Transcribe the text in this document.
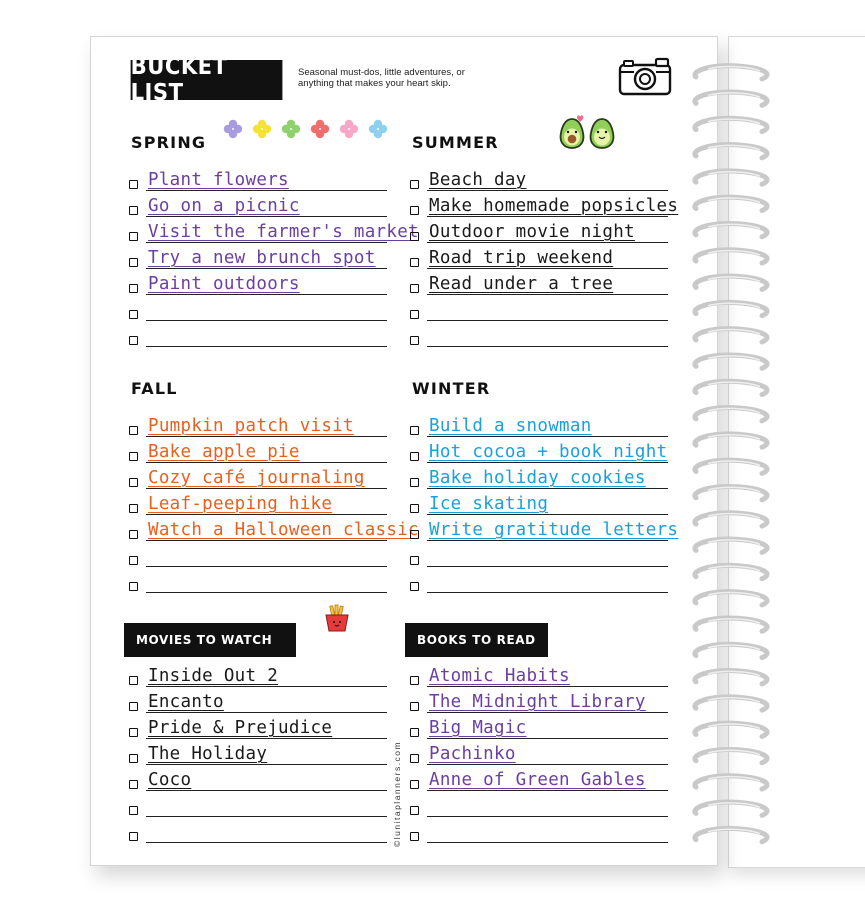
BUCKET LIST
Seasonal must-dos, little adventures, or
anything that makes your heart skip.
SPRING
Plant flowers
Go on a picnic
Visit the farmer's market
Try a new brunch spot
Paint outdoors
SUMMER
Beach day
Make homemade popsicles
Outdoor movie night
Road trip weekend
Read under a tree
FALL
Pumpkin patch visit
Bake apple pie
Cozy café journaling
Leaf-peeping hike
Watch a Halloween classic
WINTER
Build a snowman
Hot cocoa + book night
Bake holiday cookies
Ice skating
Write gratitude letters
MOVIES TO WATCH
Inside Out 2
Encanto
Pride & Prejudice
The Holiday
Coco
BOOKS TO READ
Atomic Habits
The Midnight Library
Big Magic
Pachinko
Anne of Green Gables
©lunitaplanners.com
